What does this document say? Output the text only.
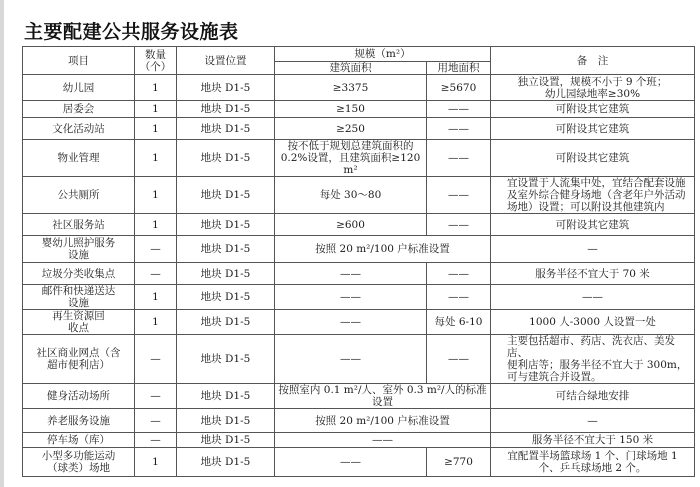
主要配建公共服务设施表
项目	数量
（个）	设置位置	规模（m²）		备　注
			建筑面积	用地面积	
幼儿园	1	地块 D1-5	≥3375	≥5670	独立设置，规模不小于 9 个班；
幼儿园绿地率≥30%
居委会	1	地块 D1-5	≥150	——	可附设其它建筑
文化活动站	1	地块 D1-5	≥250	——	可附设其它建筑
物业管理	1	地块 D1-5	按不低于规划总建筑面积的
0.2%设置，且建筑面积≥120 m²	——	可附设其它建筑
公共厕所	1	地块 D1-5	每处 30～80	——	宜设置于人流集中处，宜结合配套设施
及室外综合健身场地（含老年户外活动
场地）设置；可以附设其他建筑内
社区服务站	1	地块 D1-5	≥600	——	可附设其它建筑
婴幼儿照护服务
设施	—	地块 D1-5	按照 20 m²/100 户标准设置		—
垃圾分类收集点	—	地块 D1-5	——	——	服务半径不宜大于 70 米
邮件和快递送达
设施	1	地块 D1-5	——	——	——
再生资源回
收点	1	地块 D1-5	——	每处 6-10	1000 人-3000 人设置一处
社区商业网点（含
超市便利店）	—	地块 D1-5	——	——	主要包括超市、药店、洗衣店、美发店、
便利店等；服务半径不宜大于 300m，
可与建筑合并设置。
健身活动场所	—	地块 D1-5	按照室内 0.1 m²/人、室外 0.3 m²/人的标准设置		可结合绿地安排
养老服务设施	—	地块 D1-5	按照 20 m²/100 户标准设置		—
停车场（库）	—	地块 D1-5	——		服务半径不宜大于 150 米
小型多功能运动
（球类）场地	1	地块 D1-5	——	≥770	宜配置半场篮球场 1 个、门球场地 1
个、乒乓球场地 2 个。
